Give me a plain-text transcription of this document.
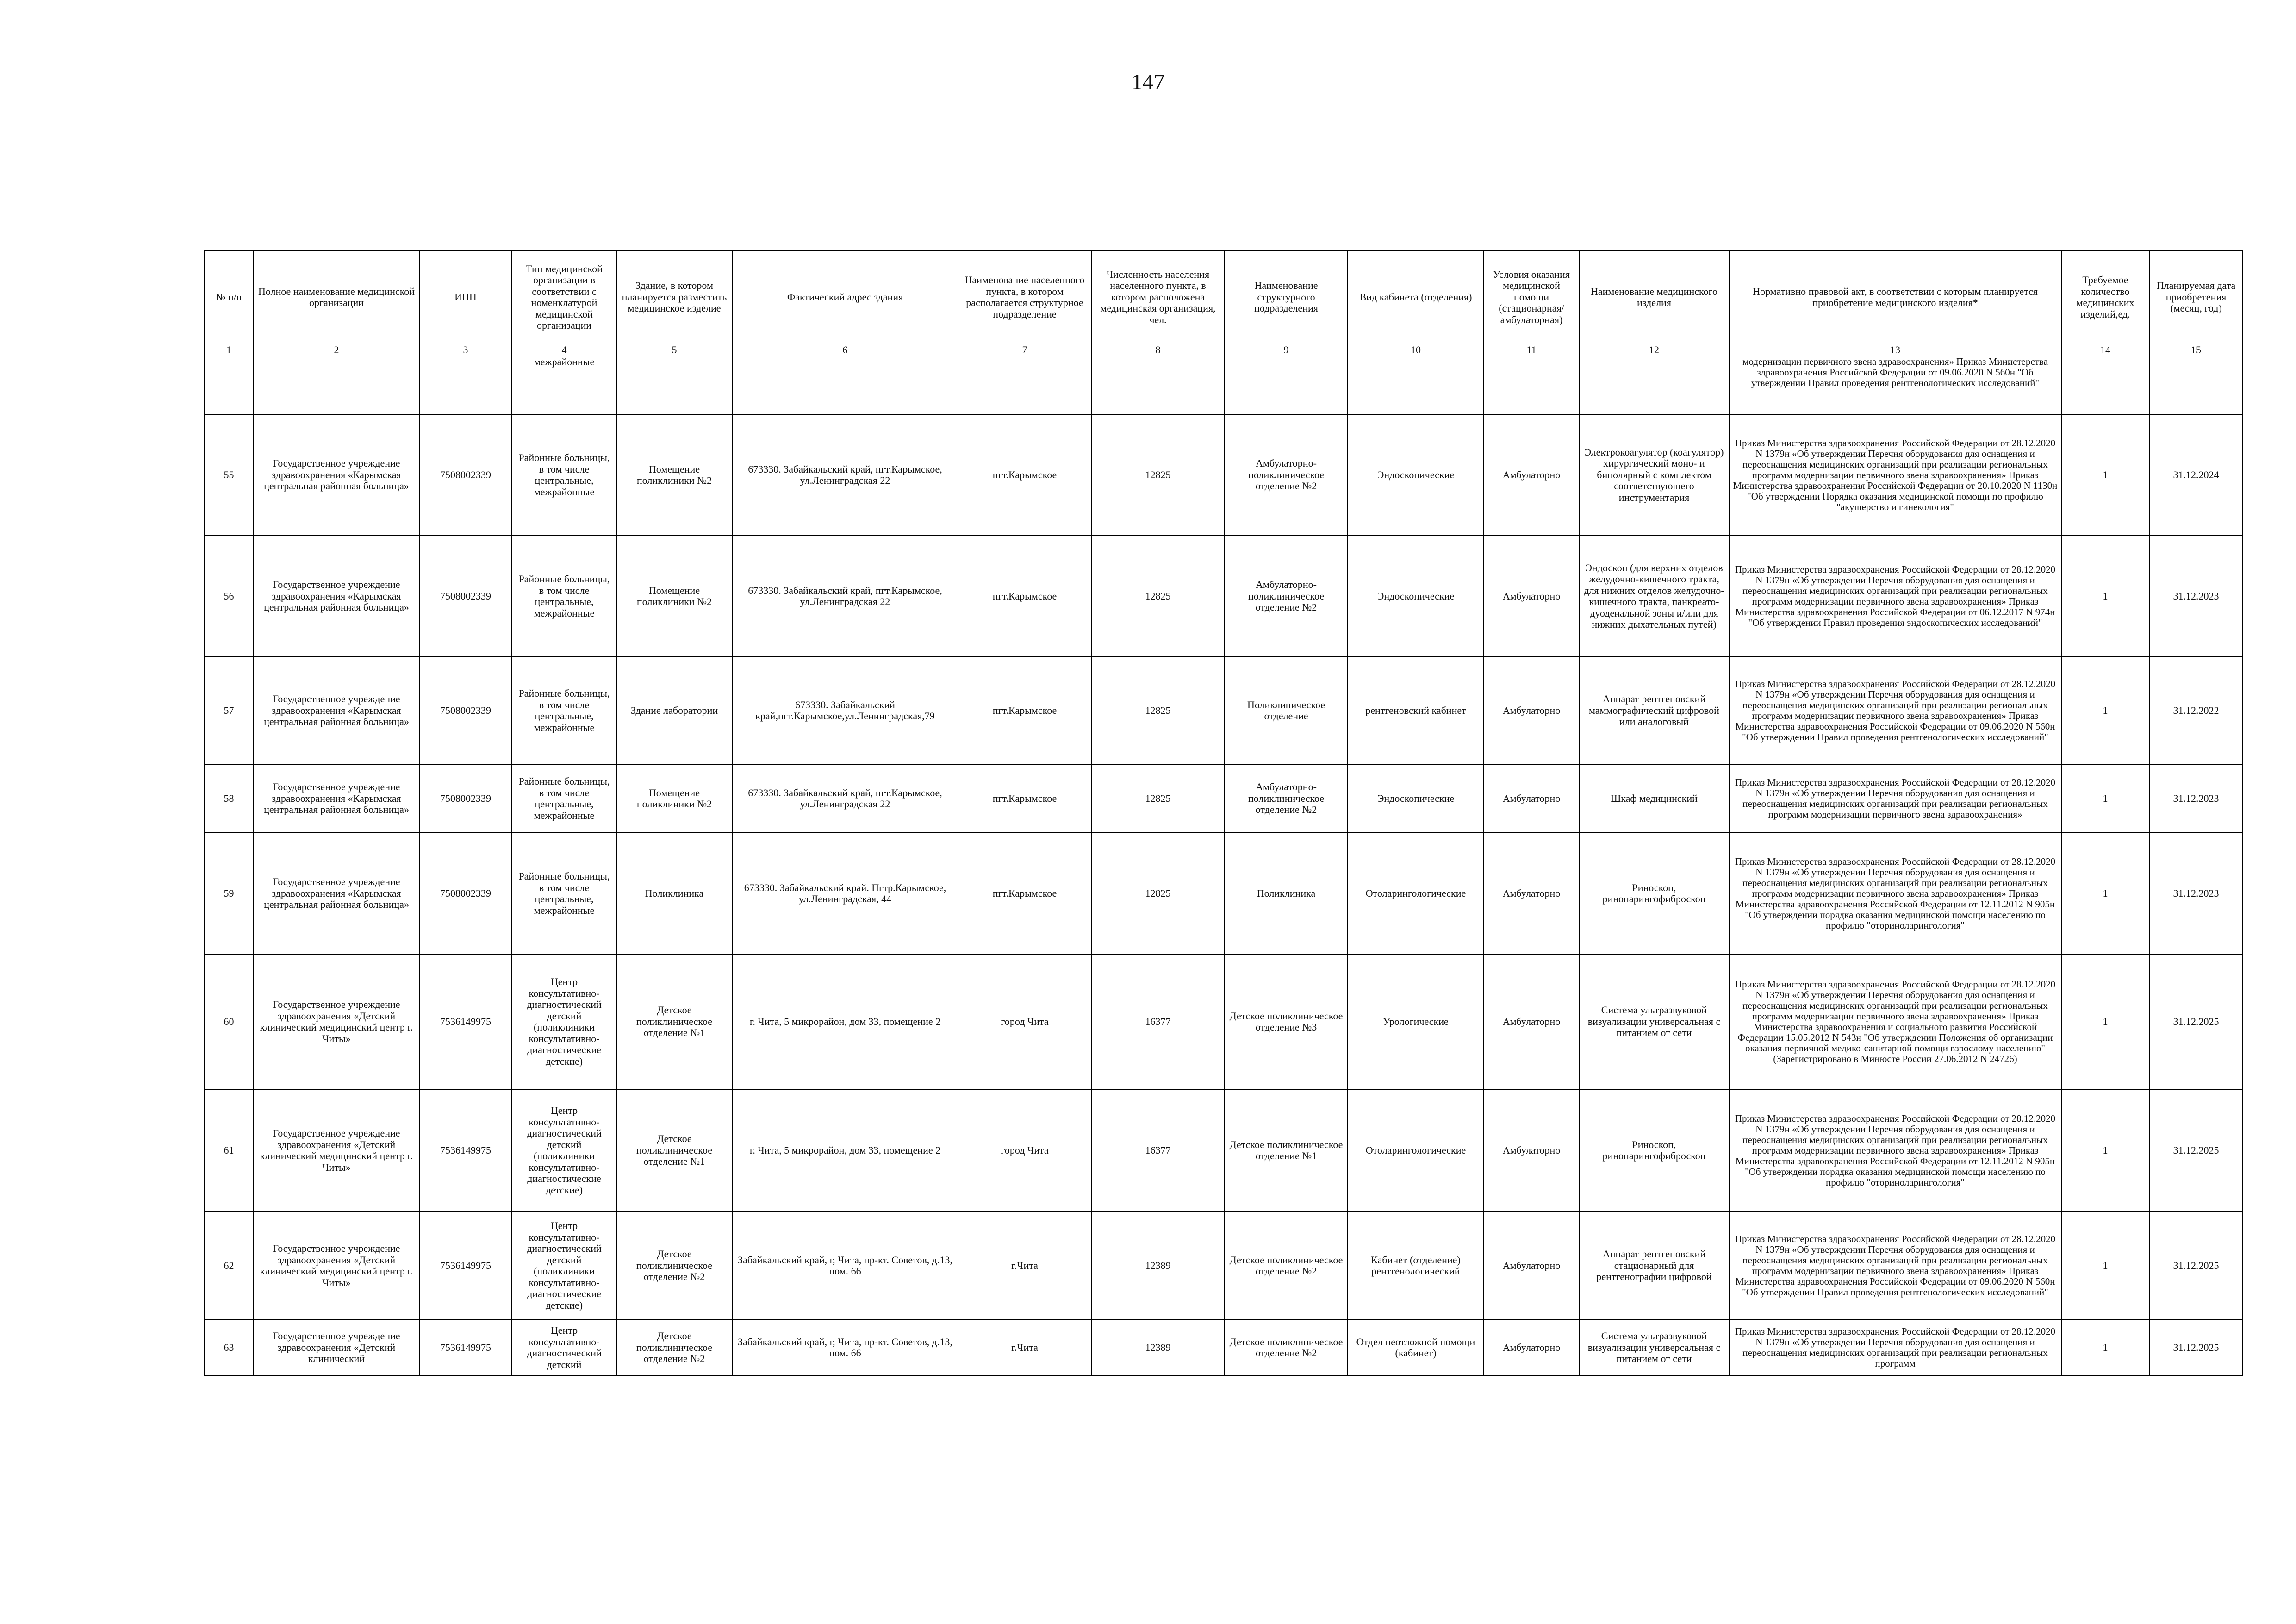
147
№ п/п	Полное наименование медицинской организации	ИНН	Тип медицинской организации в соответствии с номенклатурой медицинской организации	Здание, в котором планируется разместить медицинское изделие	Фактический адрес здания	Наименование населенного пункта, в котором располагается структурное подразделение	Численность населения населенного пункта, в котором расположена медицинская организация, чел.	Наименование структурного подразделения	Вид кабинета (отделения)	Условия оказания медицинской помощи (стационарная/ амбулаторная)	Наименование медицинского изделия	Нормативно правовой акт, в соответствии с которым планируется приобретение медицинского изделия*	Требуемое количество медицинских изделий,ед.	Планируемая дата приобретения (месяц, год)
1	2	3	4	5	6	7	8	9	10	11	12	13	14	15
			межрайонные									модернизации первичного звена здравоохранения» Приказ Министерства здравоохранения Российской Федерации от 09.06.2020 N 560н "Об утверждении Правил проведения рентгенологических исследований"		
55	Государственное учреждение здравоохранения «Карымская центральная районная больница»	7508002339	Районные больницы, в том числе центральные, межрайонные	Помещение поликлиники №2	673330. Забайкальский край, пгт.Карымское, ул.Ленинградская 22	пгт.Карымское	12825	Амбулаторно-поликлиническое отделение №2	Эндоскопические	Амбулаторно	Электрокоагулятор (коагулятор) хирургический моно- и биполярный с комплектом соответствующего инструментария	Приказ Министерства здравоохранения Российской Федерации от 28.12.2020 N 1379н «Об утверждении Перечня оборудования для оснащения и переоснащения медицинских организаций при реализации региональных программ модернизации первичного звена здравоохранения» Приказ Министерства здравоохранения Российской Федерации от 20.10.2020 N 1130н "Об утверждении Порядка оказания медицинской помощи по профилю "акушерство и гинекология"	1	31.12.2024
56	Государственное учреждение здравоохранения «Карымская центральная районная больница»	7508002339	Районные больницы, в том числе центральные, межрайонные	Помещение поликлиники №2	673330. Забайкальский край, пгт.Карымское, ул.Ленинградская 22	пгт.Карымское	12825	Амбулаторно-поликлиническое отделение №2	Эндоскопические	Амбулаторно	Эндоскоп (для верхних отделов желудочно-кишечного тракта, для нижних отделов желудочно-кишечного тракта, панкреато-дуоденальной зоны и/или для нижних дыхательных путей)	Приказ Министерства здравоохранения Российской Федерации от 28.12.2020 N 1379н «Об утверждении Перечня оборудования для оснащения и переоснащения медицинских организаций при реализации региональных программ модернизации первичного звена здравоохранения» Приказ Министерства здравоохранения Российской Федерации от 06.12.2017 N 974н "Об утверждении Правил проведения эндоскопических исследований"	1	31.12.2023
57	Государственное учреждение здравоохранения «Карымская центральная районная больница»	7508002339	Районные больницы, в том числе центральные, межрайонные	Здание лаборатории	673330. Забайкальский край,пгт.Карымское,ул.Ленинградская,79	пгт.Карымское	12825	Поликлиническое отделение	рентгеновский кабинет	Амбулаторно	Аппарат рентгеновский маммографический цифровой или аналоговый	Приказ Министерства здравоохранения Российской Федерации от 28.12.2020 N 1379н «Об утверждении Перечня оборудования для оснащения и переоснащения медицинских организаций при реализации региональных программ модернизации первичного звена здравоохранения» Приказ Министерства здравоохранения Российской Федерации от 09.06.2020 N 560н "Об утверждении Правил проведения рентгенологических исследований"	1	31.12.2022
58	Государственное учреждение здравоохранения «Карымская центральная районная больница»	7508002339	Районные больницы, в том числе центральные, межрайонные	Помещение поликлиники №2	673330. Забайкальский край, пгт.Карымское, ул.Ленинградская 22	пгт.Карымское	12825	Амбулаторно-поликлиническое отделение №2	Эндоскопические	Амбулаторно	Шкаф медицинский	Приказ Министерства здравоохранения Российской Федерации от 28.12.2020 N 1379н «Об утверждении Перечня оборудования для оснащения и переоснащения медицинских организаций при реализации региональных программ модернизации первичного звена здравоохранения»	1	31.12.2023
59	Государственное учреждение здравоохранения «Карымская центральная районная больница»	7508002339	Районные больницы, в том числе центральные, межрайонные	Поликлиника	673330. Забайкальский край. Пгтр.Карымское, ул.Ленинградская, 44	пгт.Карымское	12825	Поликлиника	Отоларингологические	Амбулаторно	Риноскоп, ринопарингофиброскоп	Приказ Министерства здравоохранения Российской Федерации от 28.12.2020 N 1379н «Об утверждении Перечня оборудования для оснащения и переоснащения медицинских организаций при реализации региональных программ модернизации первичного звена здравоохранения» Приказ Министерства здравоохранения Российской Федерации от 12.11.2012 N 905н "Об утверждении порядка оказания медицинской помощи населению по профилю "оториноларингология"	1	31.12.2023
60	Государственное учреждение здравоохранения «Детский клинический медицинский центр г. Читы»	7536149975	Центр консультативно-диагностический детский (поликлиники консультативно-диагностические детские)	Детское поликлиническое отделение №1	г. Чита, 5 микрорайон, дом 33, помещение 2	город Чита	16377	Детское поликлиническое отделение №3	Урологические	Амбулаторно	Система ультразвуковой визуализации универсальная с питанием от сети	Приказ Министерства здравоохранения Российской Федерации от 28.12.2020 N 1379н «Об утверждении Перечня оборудования для оснащения и переоснащения медицинских организаций при реализации региональных программ модернизации первичного звена здравоохранения» Приказ Министерства здравоохранения и социального развития Российской Федерации 15.05.2012 N 543н "Об утверждении Положения об организации оказания первичной медико-санитарной помощи взрослому населению" (Зарегистрировано в Минюсте России 27.06.2012 N 24726)	1	31.12.2025
61	Государственное учреждение здравоохранения «Детский клинический медицинский центр г. Читы»	7536149975	Центр консультативно-диагностический детский (поликлиники консультативно-диагностические детские)	Детское поликлиническое отделение №1	г. Чита, 5 микрорайон, дом 33, помещение 2	город Чита	16377	Детское поликлиническое отделение №1	Отоларингологические	Амбулаторно	Риноскоп, ринопарингофиброскоп	Приказ Министерства здравоохранения Российской Федерации от 28.12.2020 N 1379н «Об утверждении Перечня оборудования для оснащения и переоснащения медицинских организаций при реализации региональных программ модернизации первичного звена здравоохранения» Приказ Министерства здравоохранения Российской Федерации от 12.11.2012 N 905н "Об утверждении порядка оказания медицинской помощи населению по профилю "оториноларингология"	1	31.12.2025
62	Государственное учреждение здравоохранения «Детский клинический медицинский центр г. Читы»	7536149975	Центр консультативно-диагностический детский (поликлиники консультативно-диагностические детские)	Детское поликлиническое отделение №2	Забайкальский край, г, Чита, пр-кт. Советов, д.13, пом. 66	г.Чита	12389	Детское поликлиническое отделение №2	Кабинет (отделение) рентгенологический	Амбулаторно	Аппарат рентгеновский стационарный для рентгенографии цифровой	Приказ Министерства здравоохранения Российской Федерации от 28.12.2020 N 1379н «Об утверждении Перечня оборудования для оснащения и переоснащения медицинских организаций при реализации региональных программ модернизации первичного звена здравоохранения» Приказ Министерства здравоохранения Российской Федерации от 09.06.2020 N 560н "Об утверждении Правил проведения рентгенологических исследований"	1	31.12.2025
63	Государственное учреждение здравоохранения «Детский клинический	7536149975	Центр консультативно-диагностический детский	Детское поликлиническое отделение №2	Забайкальский край, г, Чита, пр-кт. Советов, д.13, пом. 66	г.Чита	12389	Детское поликлиническое отделение №2	Отдел неотложной помощи (кабинет)	Амбулаторно	Система ультразвуковой визуализации универсальная с питанием от сети	Приказ Министерства здравоохранения Российской Федерации от 28.12.2020 N 1379н «Об утверждении Перечня оборудования для оснащения и переоснащения медицинских организаций при реализации региональных программ	1	31.12.2025
